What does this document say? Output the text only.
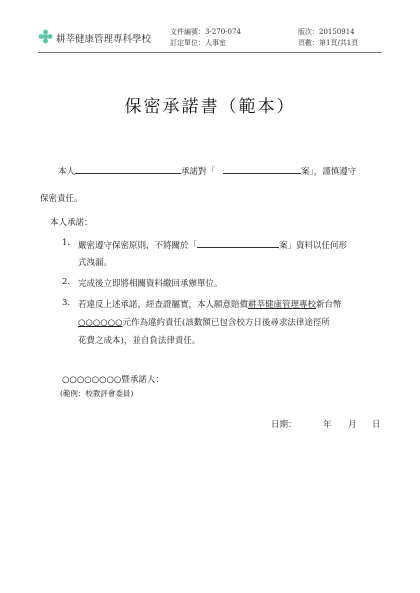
耕莘健康管理專科學校
文件編號：3-270-074
訂定單位：人事室
版次：20150914
頁數：第1頁/共1頁
保密承諾書（範本）
本人	承諾對「	案」，謹慎遵守
保密責任。
本人承諾：
1. 嚴密遵守保密原則，不將關於「	案」資料以任何形
式洩漏。
2. 完成後立即將相關資料繳回承辦單位。
3. 若違反上述承諾，經查證屬實，本人願意賠償耕莘健康管理專校新台幣
○○○○○○元作為違約責任(該數額已包含校方日後尋求法律途徑所
花費之成本)，並自負法律責任。
○○○○○○○○暨承諾人：
(範例：校教評會委員)
日期：	年 月 日
